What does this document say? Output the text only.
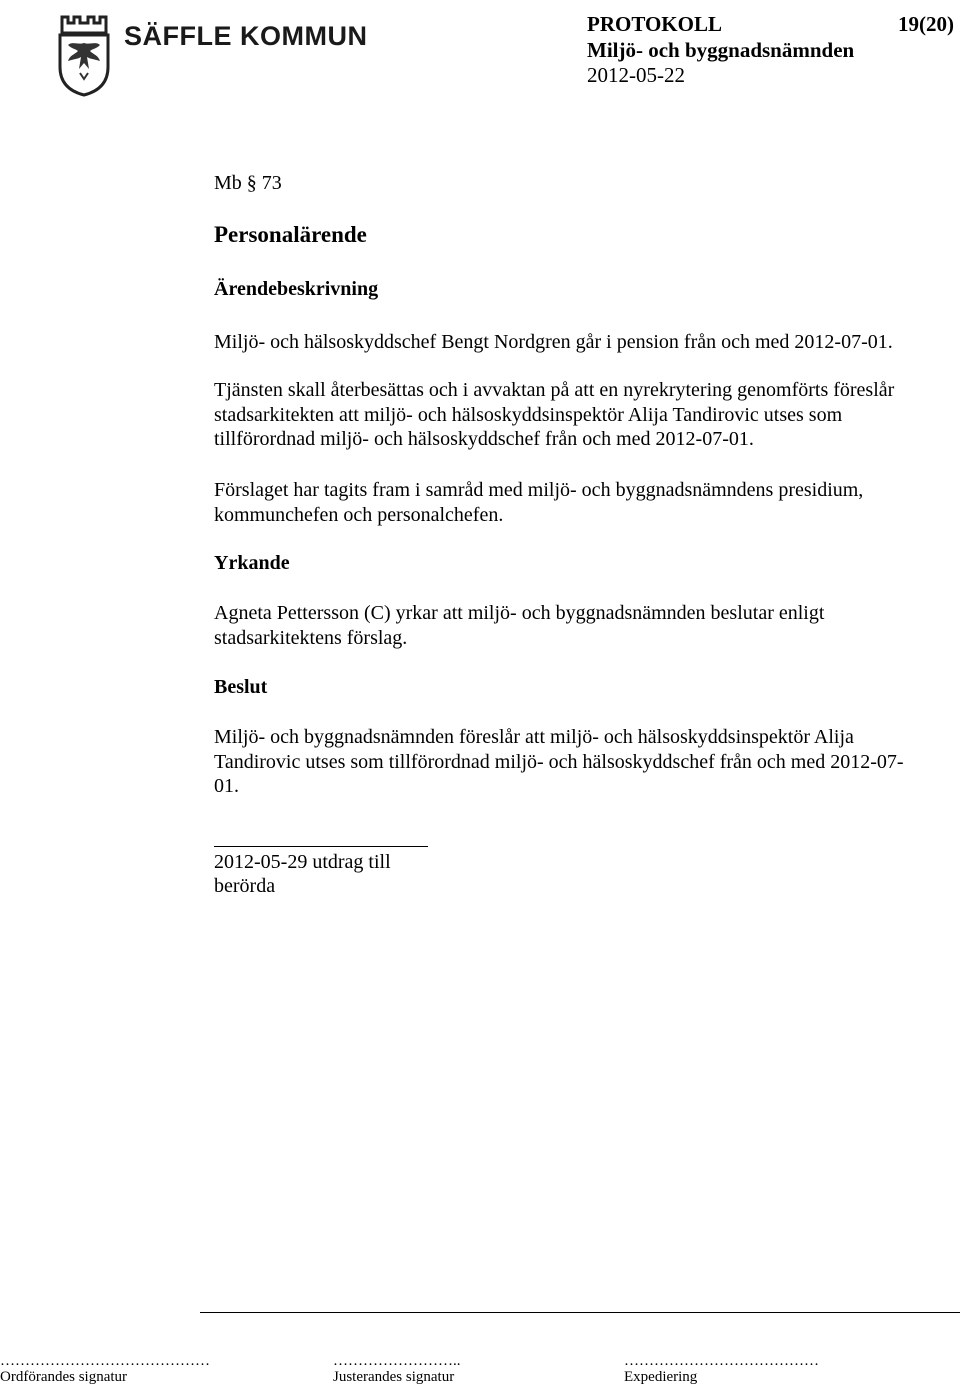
SÄFFLE KOMMUN	PROTOKOLL	19(20)
Miljö- och byggnadsnämnden
2012-05-22
Mb § 73
Personalärende
Ärendebeskrivning
Miljö- och hälsoskyddschef Bengt Nordgren går i pension från och med 2012-07-01.
Tjänsten skall återbesättas och i avvaktan på att en nyrekrytering genomförts föreslår stadsarkitekten att miljö- och hälsoskyddsinspektör Alija Tandirovic utses som tillförordnad miljö- och hälsoskyddschef från och med 2012-07-01.
Förslaget har tagits fram i samråd med miljö- och byggnadsnämndens presidium, kommunchefen och personalchefen.
Yrkande
Agneta Pettersson (C) yrkar att miljö- och byggnadsnämnden beslutar enligt stadsarkitektens förslag.
Beslut
Miljö- och byggnadsnämnden föreslår att miljö- och hälsoskyddsinspektör Alija Tandirovic utses som tillförordnad miljö- och hälsoskyddschef från och med 2012-07-01.
2012-05-29 utdrag till
berörda
……………………………………
Ordförandes signatur
……………………..
Justerandes signatur
…………………………………
Expediering
